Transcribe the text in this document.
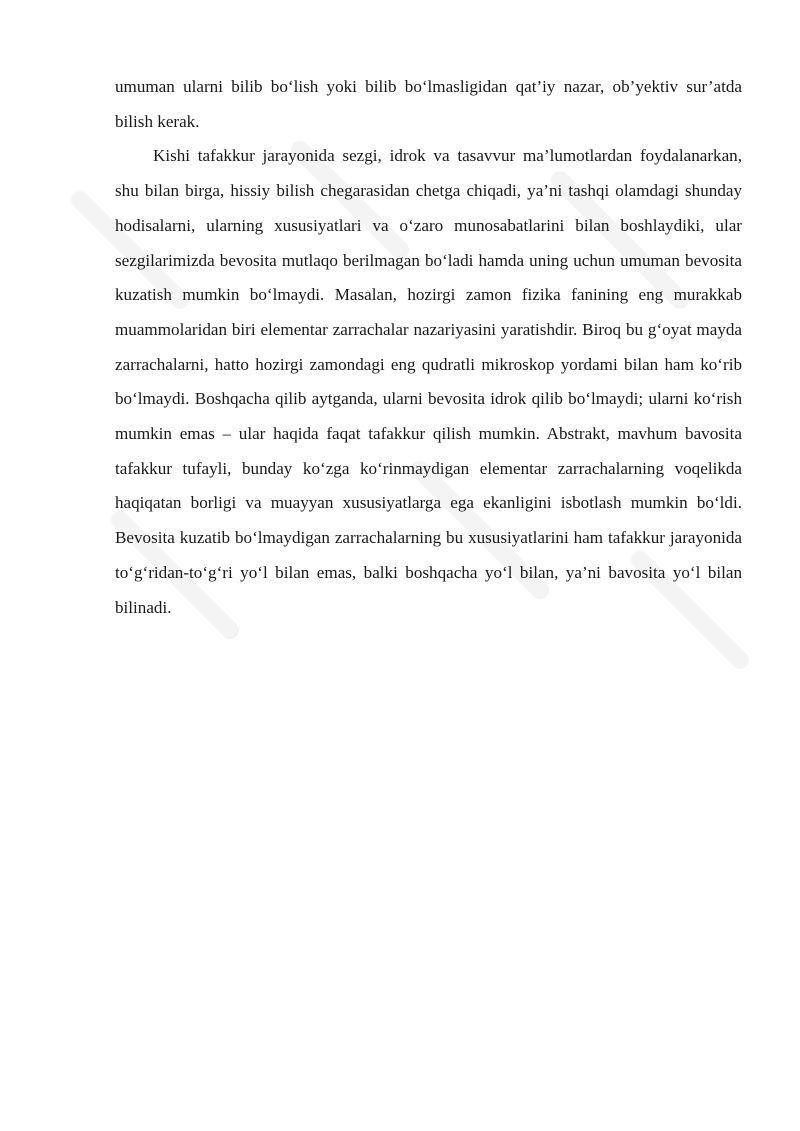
umuman ularni bilib bo‘lish yoki bilib bo‘lmasligidan qat’iy nazar, ob’yektiv sur’atda bilish kerak.

Kishi tafakkur jarayonida sezgi, idrok va tasavvur ma’lumotlardan foydalanarkan, shu bilan birga, hissiy bilish chegarasidan chetga chiqadi, ya’ni tashqi olamdagi shunday hodisalarni, ularning xususiyatlari va o‘zaro munosabatlarini bilan boshlaydiki, ular sezgilarimizda bevosita mutlaqo berilmagan bo‘ladi hamda uning uchun umuman bevosita kuzatish mumkin bo‘lmaydi. Masalan, hozirgi zamon fizika fanining eng murakkab muammolaridan biri elementar zarrachalar nazariyasini yaratishdir. Biroq bu g‘oyat mayda zarrachalarni, hatto hozirgi zamondagi eng qudratli mikroskop yordami bilan ham ko‘rib bo‘lmaydi. Boshqacha qilib aytganda, ularni bevosita idrok qilib bo‘lmaydi; ularni ko‘rish mumkin emas – ular haqida faqat tafakkur qilish mumkin. Abstrakt, mavhum bavosita tafakkur tufayli, bunday ko‘zga ko‘rinmaydigan elementar zarrachalarning voqelikda haqiqatan borligi va muayyan xususiyatlarga ega ekanligini isbotlash mumkin bo‘ldi. Bevosita kuzatib bo‘lmaydigan zarrachalarning bu xususiyatlarini ham tafakkur jarayonida to‘g‘ridan-to‘g‘ri yo‘l bilan emas, balki boshqacha yo‘l bilan, ya’ni bavosita yo‘l bilan bilinadi.
